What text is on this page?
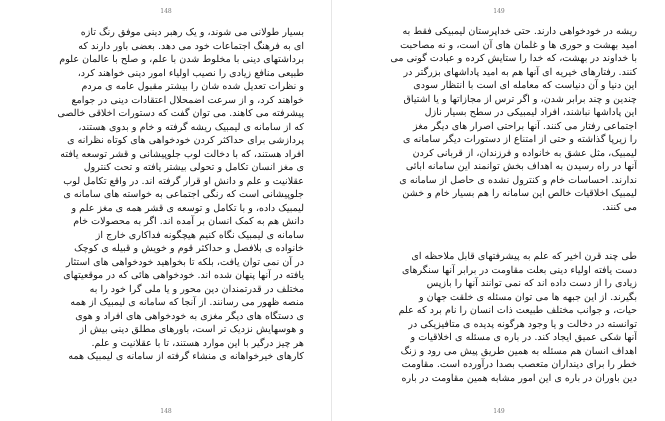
148
بسیار طولانی می شوند، و یک رهبر دینی موفق رنگ تازه
ای به فرهنگ اجتماعات خود می دهد. بعضی باور دارند که
برداشتهای دینی با مخلوط شدن با علم، و صلح با عالمان علوم
طبیعی منافع زیادی را نصیب اولیاء امور دینی خواهند کرد،
و نظرات تعدیل شده شان را بیشتر مقبول عامه ی مردم
خواهند کرد، و از سرعت اضمحلال اعتقادات دینی در جوامع
پیشرفته می کاهند. می توان گفت که دستورات اخلاقی خالصی
که از سامانه ی لیمبیک ریشه گرفته و خام و بدوی هستند،
پردازشی برای حداکثر کردن خودخواهی های کوتاه نظرانه ی
افراد هستند، که با دخالت لوب جلوپیشانی و قشر توسعه یافته
ی مغز انسان تکامل و تحولی بیشتر یافته و تحت کنترول
عقلانیت و علم و دانش او قرار گرفته اند. در واقع تکامل لوب
جلوپیشانی است که رنگی اجتماعی به خواسته های سامانه ی
لیمبیک داده، و با تکامل و توسعه ی قشر همه ی مغز علم و
دانش هم به کمک انسان بر آمده اند. اگر به محصولات خام
سامانه ی لیمبیک نگاه کنیم هیچگونه فداکاری خارج از
خانواده ی بلافصل و حداکثر قوم و خویش و قبیله ی کوچک
در آن نمی توان یافت، بلکه تا بخواهید خودخواهی های استثار
یافته در آنها پنهان شده اند. خودخواهی هائی که در موقعیتهای
مختلف در قدرتمندان دین محور و یا ملی گرا خود را به
منصه ظهور می رسانند. از آنجا که سامانه ی لیمبیک از همه
ی دستگاه های دیگر مغزی به خودخواهی های افراد و هوی
و هوسهایش نزدیک تر است، باورهای مطلق دینی بیش از
هر چیز درگیر با این موارد هستند، تا با عقلانیت و علم.
کارهای خیرخواهانه ی منشاء گرفته از سامانه ی لیمبیک همه
148
149
ریشه در خودخواهی دارند. حتی خداپرستان لیمبیکی فقط به
امید بهشت و حوری ها و غلمان های آن است، و نه مصاحبت
با خداوند در بهشت، که خدا را ستایش کرده و عبادت گونی می
کنند. رفتارهای خیریه ای آنها هم به امید پاداشهای بزرگتر در
این دنیا و آن دنیاست که معامله ای است با انتظار سودی
چندین و چند برابر شدن، و اگر ترس از مجازاتها و یا اشتیاق
این پاداشها نباشند، افراد لیمبیکی در سطح بسیار نازل
اجتماعی رفتار می کنند. آنها براحتی اصرار های دیگر مغز
را زیرپا گذاشته و حتی از امتناع از دستورات دیگر سامانه ی
لیمبیک، مثل عشق به خانواده و فرزندان، از قربانی کردن
آنها در راه رسیدن به اهداف بخش توانمند این سامانه ابائی
ندارند. احساسات خام و کنترول نشده ی حاصل از سامانه ی
لیمبیک اخلاقیات خالص این سامانه را هم بسیار خام و خشن
می کنند.
طی چند قرن اخیر که علم به پیشرفتهای قابل ملاحظه ای
دست یافته اولیاء دینی بعلت مقاومت در برابر آنها سنگرهای
زیادی را از دست داده اند که نمی توانند آنها را بازپس
بگیرند. از این جبهه ها می توان مسئله ی خلقت جهان و
حیات، و جوانب مختلف طبیعت ذات انسان را نام برد که علم
توانسته در دخالت و یا وجود هرگونه پدیده ی متافیزیکی در
آنها شکی عمیق ایجاد کند. در باره ی مسئله ی اخلاقیات و
اهداف انسان هم مسئله به همین طریق پیش می رود و زنگ
خطر را برای دینداران متعصب بصدا درآورده است. مقاومت
دین باوران در باره ی این امور مشابه همین مقاومت در باره
149
